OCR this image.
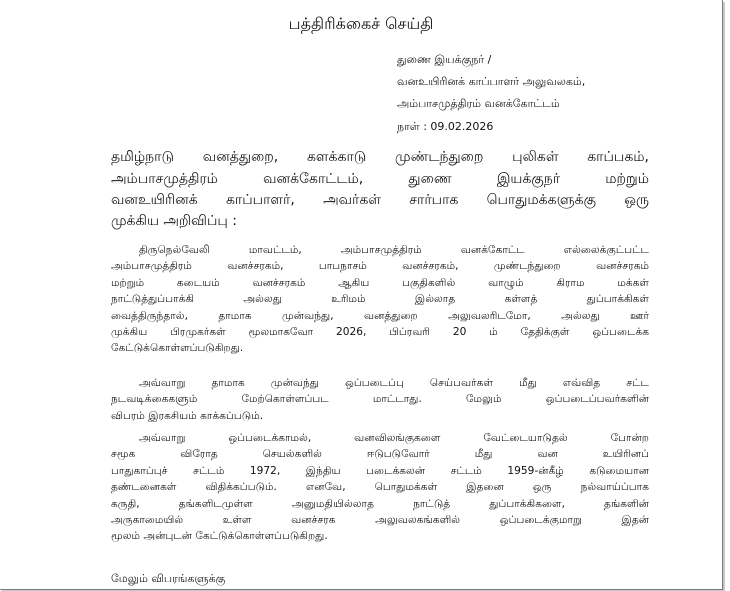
பத்திரிக்கைச் செய்தி
துணை இயக்குநர் /
வனஉயிரினக் காப்பாளர் அலுவலகம்,
அம்பாசமுத்திரம் வனக்கோட்டம்
நாள் : 09.02.2026
தமிழ்நாடு வனத்துறை, களக்காடு முண்டந்துறை புலிகள் காப்பகம்,
அம்பாசமுத்திரம் வனக்கோட்டம், துணை இயக்குநர் மற்றும்
வனஉயிரினக் காப்பாளர், அவர்கள் சார்பாக பொதுமக்களுக்கு ஒரு
முக்கிய அறிவிப்பு :
திருநெல்வேலி மாவட்டம், அம்பாசமுத்திரம் வனக்கோட்ட எல்லைக்குட்பட்ட
அம்பாசமுத்திரம் வனச்சரகம், பாபநாசம் வனச்சரகம், முண்டந்துறை வனச்சரகம்
மற்றும் கடையம் வனச்சரகம் ஆகிய பகுதிகளில் வாழும் கிராம மக்கள்
நாட்டுத்துப்பாக்கி அல்லது உரிமம் இல்லாத கள்ளத் துப்பாக்கிகள்
வைத்திருந்தால், தாமாக முன்வந்து, வனத்துறை அலுவலரிடமோ, அல்லது ஊர்
முக்கிய பிரமுகர்கள் மூலமாகவோ 2026, பிப்ரவரி 20 ம் தேதிக்குள் ஒப்படைக்க
கேட்டுக்கொள்ளப்படுகிறது.
அவ்வாறு தாமாக முன்வந்து ஒப்படைப்பு செய்பவர்கள் மீது எவ்வித சட்ட
நடவடிக்கைகளும் மேற்கொள்ளப்பட மாட்டாது. மேலும் ஒப்படைப்பவர்களின்
விபரம் இரகசியம் காக்கப்படும்.
அவ்வாறு ஒப்படைக்காமல், வனவிலங்குகளை வேட்டையாடுதல் போன்ற
சமூக விரோத செயல்களில் ஈடுபடுவோர் மீது வன உயிரினப்
பாதுகாப்புச் சட்டம் 1972, இந்திய படைக்கலன் சட்டம் 1959-ன்கீழ் கடுமையான
தண்டனைகள் விதிக்கப்படும். எனவே, பொதுமக்கள் இதனை ஒரு நல்வாய்ப்பாக
கருதி, தங்களிடமுள்ள அனுமதியில்லாத நாட்டுத் துப்பாக்கிகளை, தங்களின்
அருகாமையில் உள்ள வனச்சரக அலுவலகங்களில் ஒப்படைக்குமாறு இதன்
மூலம் அன்புடன் கேட்டுக்கொள்ளப்படுகிறது.
மேலும் விபரங்களுக்கு
